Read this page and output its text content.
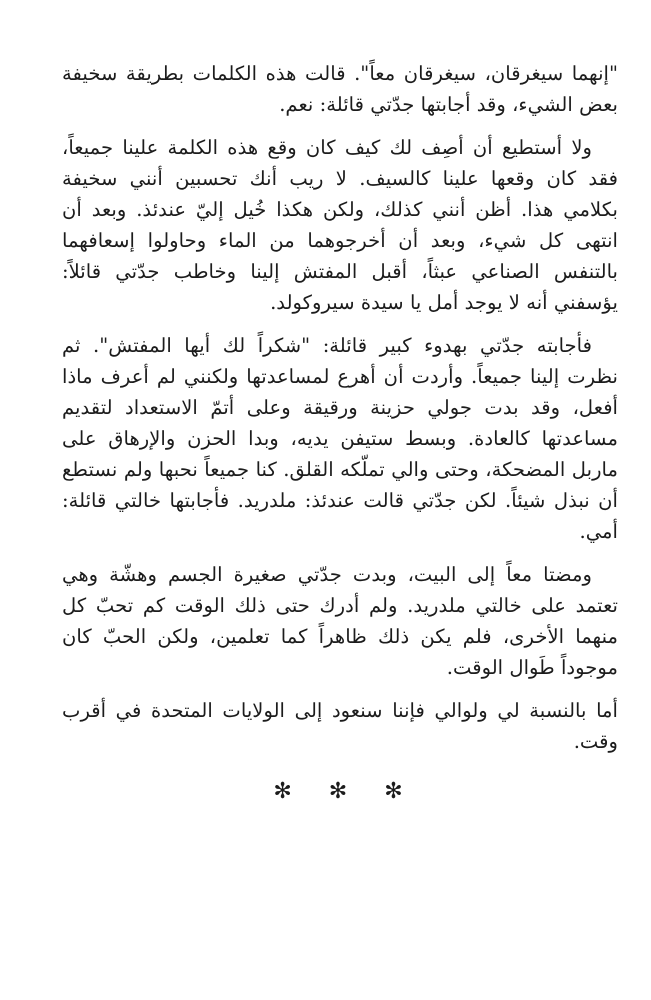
"إنهما سيغرقان، سيغرقان معاً". قالت هذه الكلمات بطريقة سخيفة بعض الشيء، وقد أجابتها جدّتي قائلة: نعم.

ولا أستطيع أن أصِف لك كيف كان وقع هذه الكلمة علينا جميعاً، فقد كان وقعها علينا كالسيف. لا ريب أنك تحسبين أنني سخيفة بكلامي هذا. أظن أنني كذلك، ولكن هكذا خُيل إليّ عندئذ. وبعد أن انتهى كل شيء، وبعد أن أخرجوهما من الماء وحاولوا إسعافهما بالتنفس الصناعي عبثاً، أقبل المفتش إلينا وخاطب جدّتي قائلاً: يؤسفني أنه لا يوجد أمل يا سيدة سيروكولد.

فأجابته جدّتي بهدوء كبير قائلة: "شكراً لك أيها المفتش". ثم نظرت إلينا جميعاً. وأردت أن أهرع لمساعدتها ولكنني لم أعرف ماذا أفعل، وقد بدت جولي حزينة ورقيقة وعلى أتمّ الاستعداد لتقديم مساعدتها كالعادة. وبسط ستيفن يديه، وبدا الحزن والإرهاق على ماربل المضحكة، وحتى والي تملّكه القلق. كنا جميعاً نحبها ولم نستطع أن نبذل شيئاً. لكن جدّتي قالت عندئذ: ملدريد. فأجابتها خالتي قائلة: أمي.

ومضتا معاً إلى البيت، وبدت جدّتي صغيرة الجسم وهشّة وهي تعتمد على خالتي ملدريد. ولم أدرك حتى ذلك الوقت كم تحبّ كل منهما الأخرى، فلم يكن ذلك ظاهراً كما تعلمين، ولكن الحبّ كان موجوداً طَوال الوقت.

أما بالنسبة لي ولوالي فإننا سنعود إلى الولايات المتحدة في أقرب وقت.

✻ ✻ ✻
